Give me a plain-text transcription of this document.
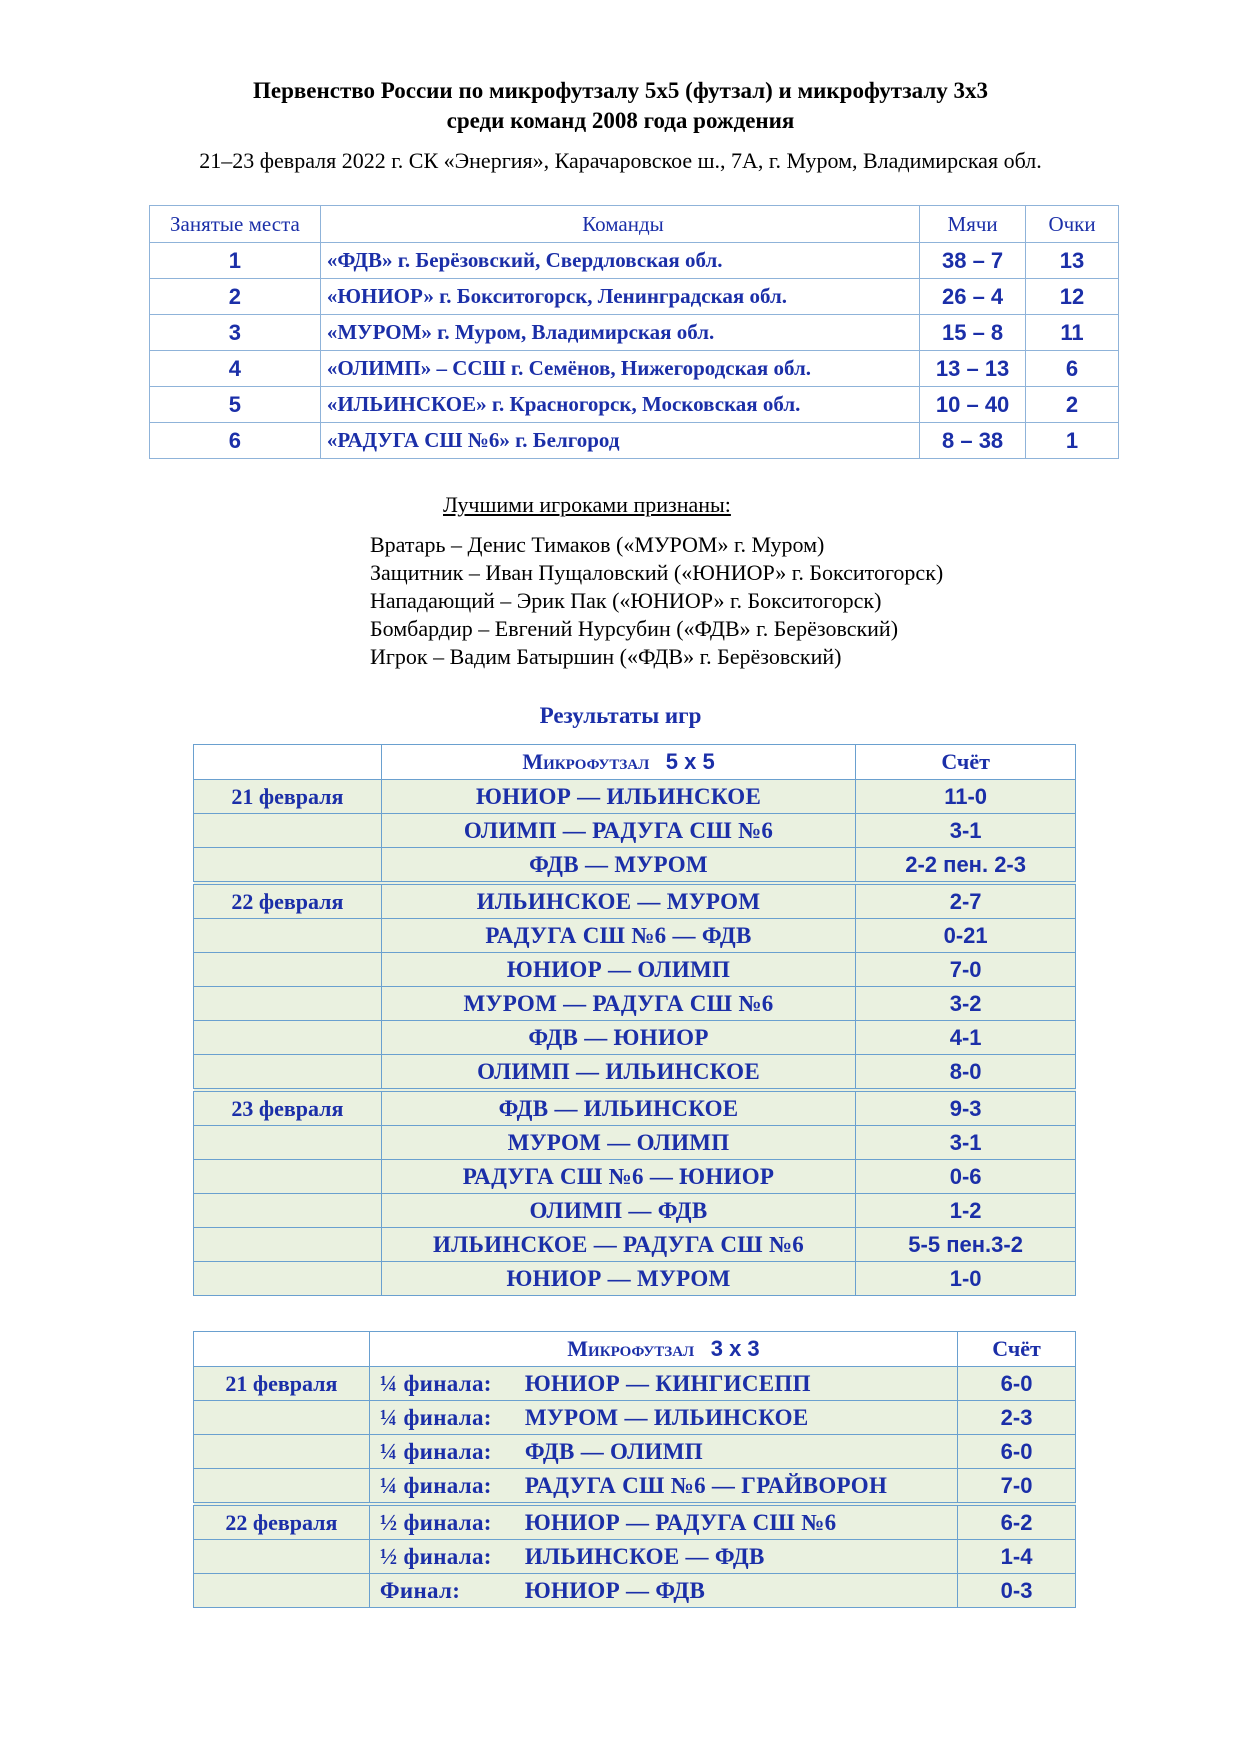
Первенство России по микрофутзалу 5х5 (футзал) и микрофутзалу 3х3
среди команд 2008 года рождения
21–23 февраля 2022 г. СК «Энергия», Карачаровское ш., 7А, г. Муром, Владимирская обл.
Занятые места	Команды	Мячи	Очки
1	«ФДВ» г. Берёзовский, Свердловская обл.	38 – 7	13
2	«ЮНИОР» г. Бокситогорск, Ленинградская обл.	26 – 4	12
3	«МУРОМ» г. Муром, Владимирская обл.	15 – 8	11
4	«ОЛИМП» – ССШ г. Семёнов, Нижегородская обл.	13 – 13	6
5	«ИЛЬИНСКОЕ» г. Красногорск, Московская обл.	10 – 40	2
6	«РАДУГА СШ №6» г. Белгород	8 – 38	1
Лучшими игроками признаны:
Вратарь – Денис Тимаков («МУРОМ» г. Муром)
Защитник – Иван Пущаловский («ЮНИОР» г. Бокситогорск)
Нападающий – Эрик Пак («ЮНИОР» г. Бокситогорск)
Бомбардир – Евгений Нурсубин («ФДВ» г. Берёзовский)
Игрок – Вадим Батыршин («ФДВ» г. Берёзовский)
Результаты игр
	Микрофутзал 5 х 5	Счёт
21 февраля	ЮНИОР — ИЛЬИНСКОЕ	11-0
	ОЛИМП — РАДУГА СШ №6	3-1
	ФДВ — МУРОМ	2-2 пен. 2-3
22 февраля	ИЛЬИНСКОЕ — МУРОМ	2-7
	РАДУГА СШ №6 — ФДВ	0-21
	ЮНИОР — ОЛИМП	7-0
	МУРОМ — РАДУГА СШ №6	3-2
	ФДВ — ЮНИОР	4-1
	ОЛИМП — ИЛЬИНСКОЕ	8-0
23 февраля	ФДВ — ИЛЬИНСКОЕ	9-3
	МУРОМ — ОЛИМП	3-1
	РАДУГА СШ №6 — ЮНИОР	0-6
	ОЛИМП — ФДВ	1-2
	ИЛЬИНСКОЕ — РАДУГА СШ №6	5-5 пен.3-2
	ЮНИОР — МУРОМ	1-0
	Микрофутзал 3 х 3	Счёт
21 февраля	¼ финала: ЮНИОР — КИНГИСЕПП	6-0
	¼ финала: МУРОМ — ИЛЬИНСКОЕ	2-3
	¼ финала: ФДВ — ОЛИМП	6-0
	¼ финала: РАДУГА СШ №6 — ГРАЙВОРОН	7-0
22 февраля	½ финала: ЮНИОР — РАДУГА СШ №6	6-2
	½ финала: ИЛЬИНСКОЕ — ФДВ	1-4
	Финал: ЮНИОР — ФДВ	0-3
